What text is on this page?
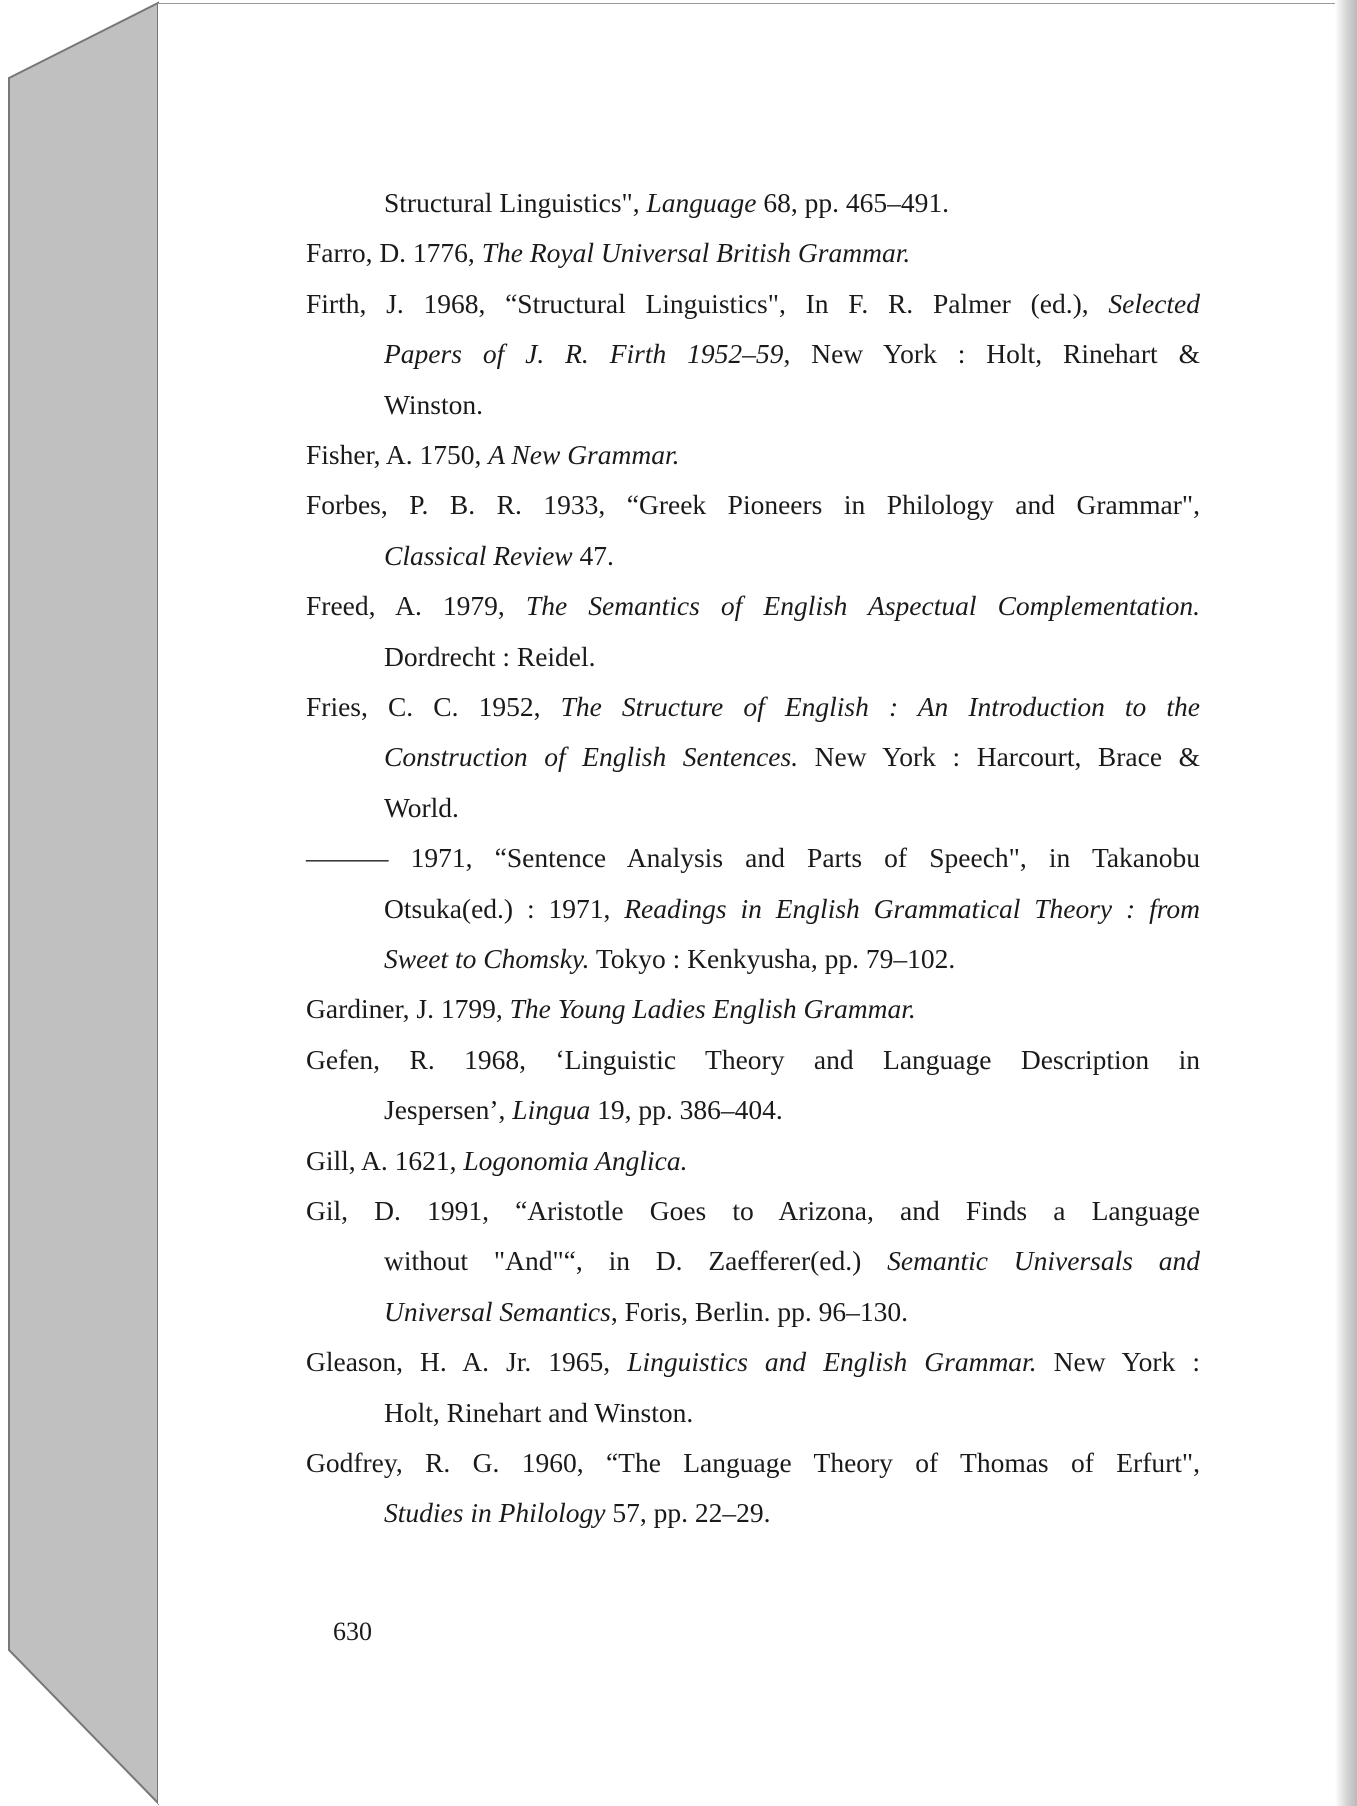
Structural Linguistics", Language 68, pp. 465–491.
Farro, D. 1776, The Royal Universal British Grammar.
Firth, J. 1968, “Structural Linguistics", In F. R. Palmer (ed.), Selected
Papers of J. R. Firth 1952–59, New York : Holt, Rinehart &
Winston.
Fisher, A. 1750, A New Grammar.
Forbes, P. B. R. 1933, “Greek Pioneers in Philology and Grammar",
Classical Review 47.
Freed, A. 1979, The Semantics of English Aspectual Complementation.
Dordrecht : Reidel.
Fries, C. C. 1952, The Structure of English : An Introduction to the
Construction of English Sentences. New York : Harcourt, Brace &
World.
——— 1971, “Sentence Analysis and Parts of Speech", in Takanobu
Otsuka(ed.) : 1971, Readings in English Grammatical Theory : from
Sweet to Chomsky. Tokyo : Kenkyusha, pp. 79–102.
Gardiner, J. 1799, The Young Ladies English Grammar.
Gefen, R. 1968, ‘Linguistic Theory and Language Description in
Jespersen’, Lingua 19, pp. 386–404.
Gill, A. 1621, Logonomia Anglica.
Gil, D. 1991, “Aristotle Goes to Arizona, and Finds a Language
without "And"“, in D. Zaefferer(ed.) Semantic Universals and
Universal Semantics, Foris, Berlin. pp. 96–130.
Gleason, H. A. Jr. 1965, Linguistics and English Grammar. New York :
Holt, Rinehart and Winston.
Godfrey, R. G. 1960, “The Language Theory of Thomas of Erfurt",
Studies in Philology 57, pp. 22–29.
630
